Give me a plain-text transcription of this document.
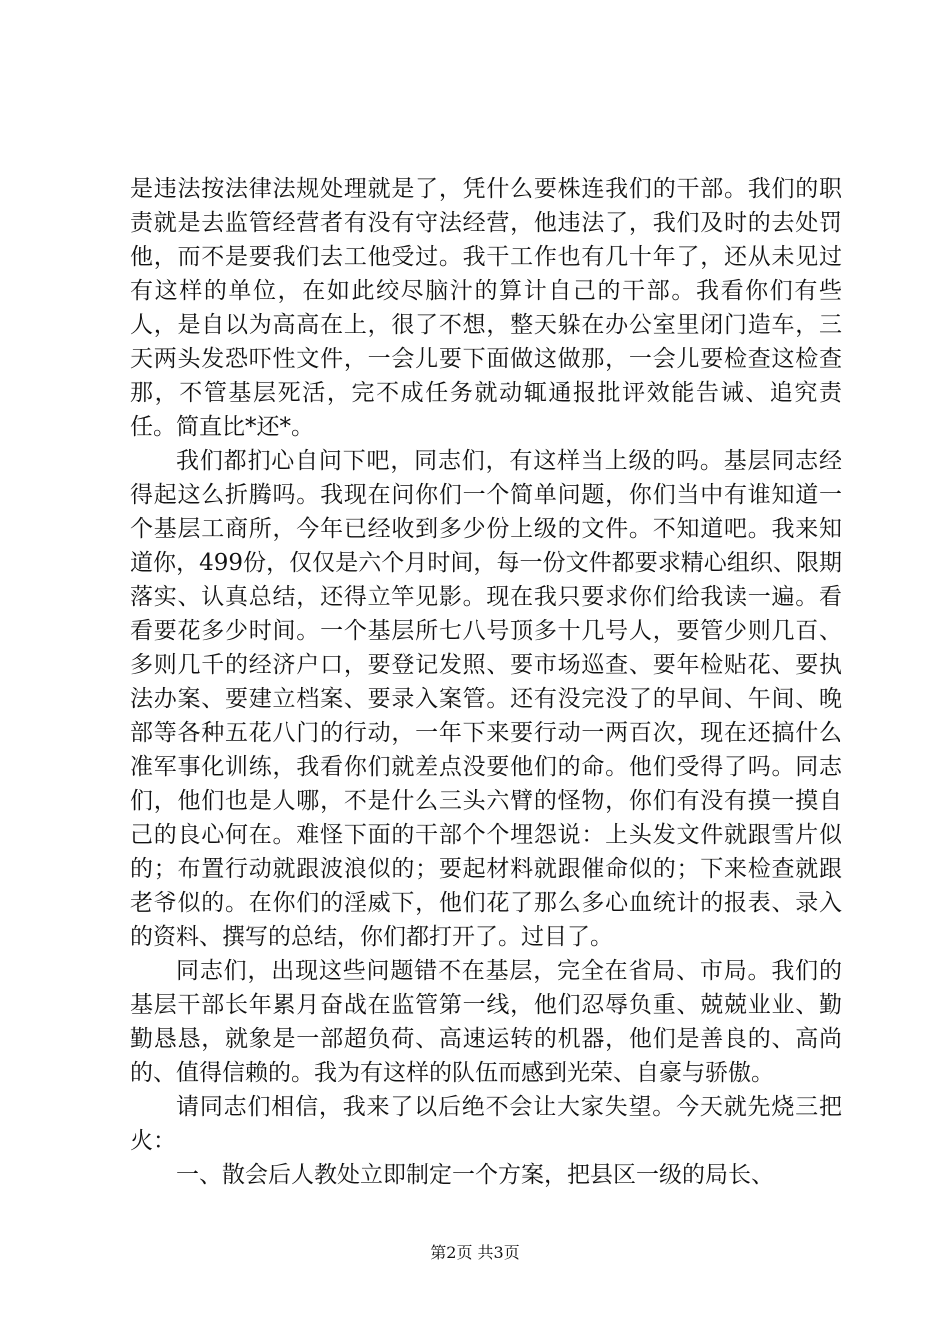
是违法按法律法规处理就是了，凭什么要株连我们的干部。我们的职责就是去监管经营者有没有守法经营，他违法了，我们及时的去处罚他，而不是要我们去工他受过。我干工作也有几十年了，还从未见过有这样的单位，在如此绞尽脑汁的算计自己的干部。我看你们有些人，是自以为高高在上，很了不想，整天躲在办公室里闭门造车，三天两头发恐吓性文件，一会儿要下面做这做那，一会儿要检查这检查那，不管基层死活，完不成任务就动辄通报批评效能告诫、追究责任。简直比*还*。

我们都扪心自问下吧，同志们，有这样当上级的吗。基层同志经得起这么折腾吗。我现在问你们一个简单问题，你们当中有谁知道一个基层工商所，今年已经收到多少份上级的文件。不知道吧。我来知道你，499份，仅仅是六个月时间，每一份文件都要求精心组织、限期落实、认真总结，还得立竿见影。现在我只要求你们给我读一遍。看看要花多少时间。一个基层所七八号顶多十几号人，要管少则几百、多则几千的经济户口，要登记发照、要市场巡查、要年检贴花、要执法办案、要建立档案、要录入案管。还有没完没了的早间、午间、晚部等各种五花八门的行动，一年下来要行动一两百次，现在还搞什么准军事化训练，我看你们就差点没要他们的命。他们受得了吗。同志们，他们也是人哪，不是什么三头六臂的怪物，你们有没有摸一摸自己的良心何在。难怪下面的干部个个埋怨说：上头发文件就跟雪片似的；布置行动就跟波浪似的；要起材料就跟催命似的；下来检查就跟老爷似的。在你们的淫威下，他们花了那么多心血统计的报表、录入的资料、撰写的总结，你们都打开了。过目了。

同志们，出现这些问题错不在基层，完全在省局、市局。我们的基层干部长年累月奋战在监管第一线，他们忍辱负重、兢兢业业、勤勤恳恳，就象是一部超负荷、高速运转的机器，他们是善良的、高尚的、值得信赖的。我为有这样的队伍而感到光荣、自豪与骄傲。

请同志们相信，我来了以后绝不会让大家失望。今天就先烧三把火：

一、散会后人教处立即制定一个方案，把县区一级的局长、

第2页 共3页
